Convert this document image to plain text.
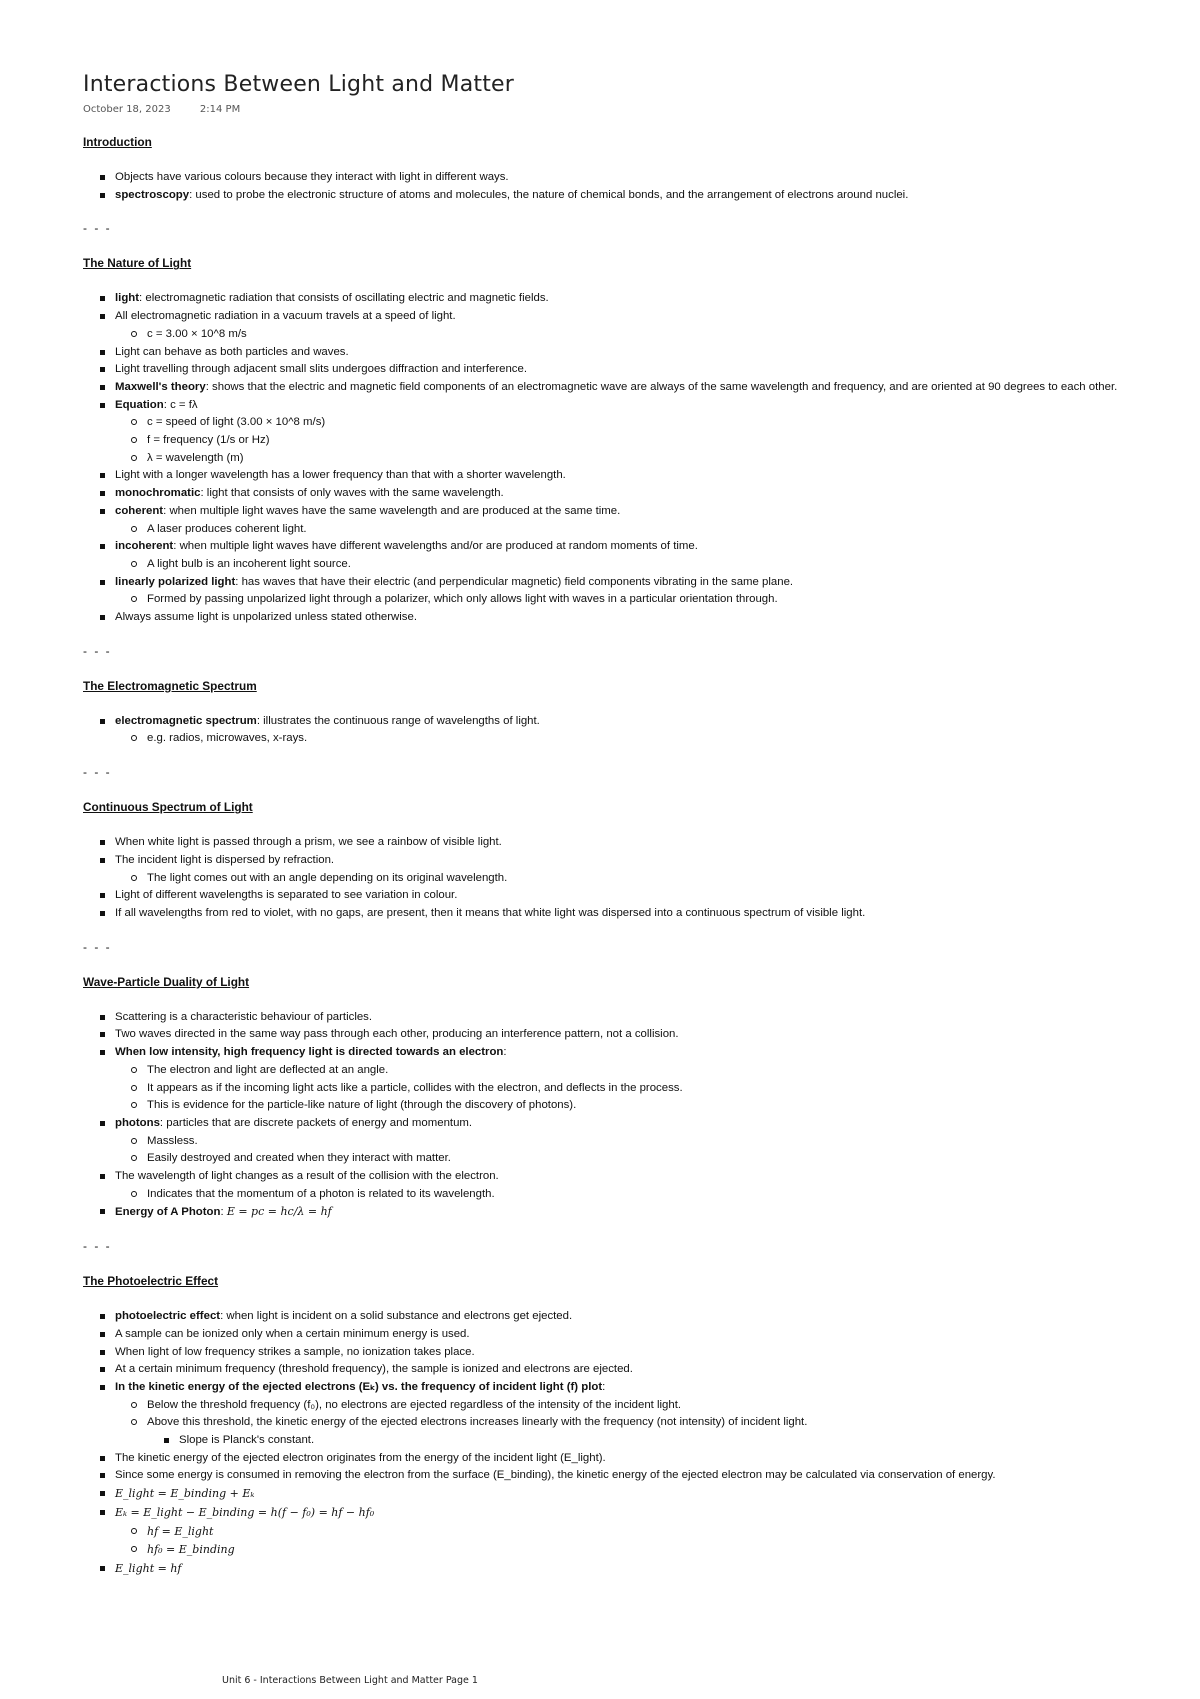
Interactions Between Light and Matter
October 18, 2023	2:14 PM
Introduction
Objects have various colours because they interact with light in different ways.
spectroscopy: used to probe the electronic structure of atoms and molecules, the nature of chemical bonds, and the arrangement of electrons around nuclei.
- - -
The Nature of Light
light: electromagnetic radiation that consists of oscillating electric and magnetic fields.
All electromagnetic radiation in a vacuum travels at a speed of light.
c = 3.00 × 10^8 m/s
Light can behave as both particles and waves.
Light travelling through adjacent small slits undergoes diffraction and interference.
Maxwell's theory: shows that the electric and magnetic field components of an electromagnetic wave are always of the same wavelength and frequency, and are oriented at 90 degrees to each other.
Equation: c = fλ
c = speed of light (3.00 × 10^8 m/s)
f = frequency (1/s or Hz)
λ = wavelength (m)
Light with a longer wavelength has a lower frequency than that with a shorter wavelength.
monochromatic: light that consists of only waves with the same wavelength.
coherent: when multiple light waves have the same wavelength and are produced at the same time.
A laser produces coherent light.
incoherent: when multiple light waves have different wavelengths and/or are produced at random moments of time.
A light bulb is an incoherent light source.
linearly polarized light: has waves that have their electric (and perpendicular magnetic) field components vibrating in the same plane.
Formed by passing unpolarized light through a polarizer, which only allows light with waves in a particular orientation through.
Always assume light is unpolarized unless stated otherwise.
- - -
The Electromagnetic Spectrum
electromagnetic spectrum: illustrates the continuous range of wavelengths of light.
e.g. radios, microwaves, x-rays.
- - -
Continuous Spectrum of Light
When white light is passed through a prism, we see a rainbow of visible light.
The incident light is dispersed by refraction.
The light comes out with an angle depending on its original wavelength.
Light of different wavelengths is separated to see variation in colour.
If all wavelengths from red to violet, with no gaps, are present, then it means that white light was dispersed into a continuous spectrum of visible light.
- - -
Wave-Particle Duality of Light
Scattering is a characteristic behaviour of particles.
Two waves directed in the same way pass through each other, producing an interference pattern, not a collision.
When low intensity, high frequency light is directed towards an electron:
The electron and light are deflected at an angle.
It appears as if the incoming light acts like a particle, collides with the electron, and deflects in the process.
This is evidence for the particle-like nature of light (through the discovery of photons).
photons: particles that are discrete packets of energy and momentum.
Massless.
Easily destroyed and created when they interact with matter.
The wavelength of light changes as a result of the collision with the electron.
Indicates that the momentum of a photon is related to its wavelength.
Energy of A Photon: E = pc = hc/λ = hf
- - -
The Photoelectric Effect
photoelectric effect: when light is incident on a solid substance and electrons get ejected.
A sample can be ionized only when a certain minimum energy is used.
When light of low frequency strikes a sample, no ionization takes place.
At a certain minimum frequency (threshold frequency), the sample is ionized and electrons are ejected.
In the kinetic energy of the ejected electrons (Eₖ) vs. the frequency of incident light (f) plot:
Below the threshold frequency (f₀), no electrons are ejected regardless of the intensity of the incident light.
Above this threshold, the kinetic energy of the ejected electrons increases linearly with the frequency (not intensity) of incident light.
Slope is Planck's constant.
The kinetic energy of the ejected electron originates from the energy of the incident light (E_light).
Since some energy is consumed in removing the electron from the surface (E_binding), the kinetic energy of the ejected electron may be calculated via conservation of energy.
E_light = E_binding + Eₖ
Eₖ = E_light − E_binding = h(f − f₀) = hf − hf₀
hf = E_light
hf₀ = E_binding
E_light = hf
Unit 6 - Interactions Between Light and Matter Page 1
